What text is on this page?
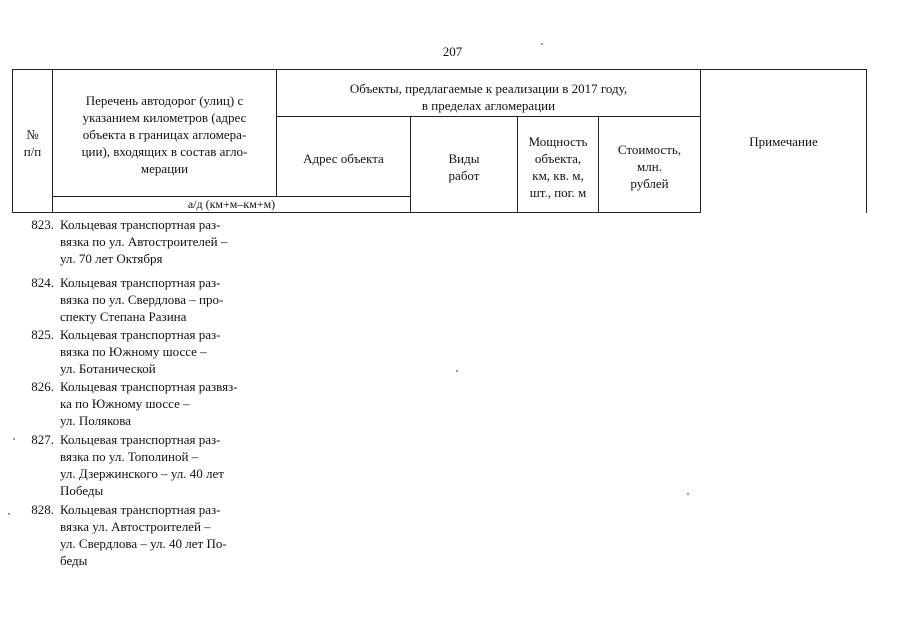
207
№
п/п
Перечень автодорог (улиц) с
указанием километров (адрес
объекта в границах агломера-
ции), входящих в состав агло-
мерации
а/д (км+м–км+м)
Объекты, предлагаемые к реализации в 2017 году,
в пределах агломерации
Адрес объекта	Виды
работ
Мощность
объекта,
км, кв. м,
шт., пог. м
Стоимость,
млн.
рублей
Примечание
823. Кольцевая транспортная раз-
вязка по ул. Автостроителей –
ул. 70 лет Октября
824. Кольцевая транспортная раз-
вязка по ул. Свердлова – про-
спекту Степана Разина
825. Кольцевая транспортная раз-
вязка по Южному шоссе –
ул. Ботанической
826. Кольцевая транспортная развяз-
ка по Южному шоссе –
ул. Полякова
827. Кольцевая транспортная раз-
вязка по ул. Тополиной –
ул. Дзержинского – ул. 40 лет
Победы
828. Кольцевая транспортная раз-
вязка ул. Автостроителей –
ул. Свердлова – ул. 40 лет По-
беды
